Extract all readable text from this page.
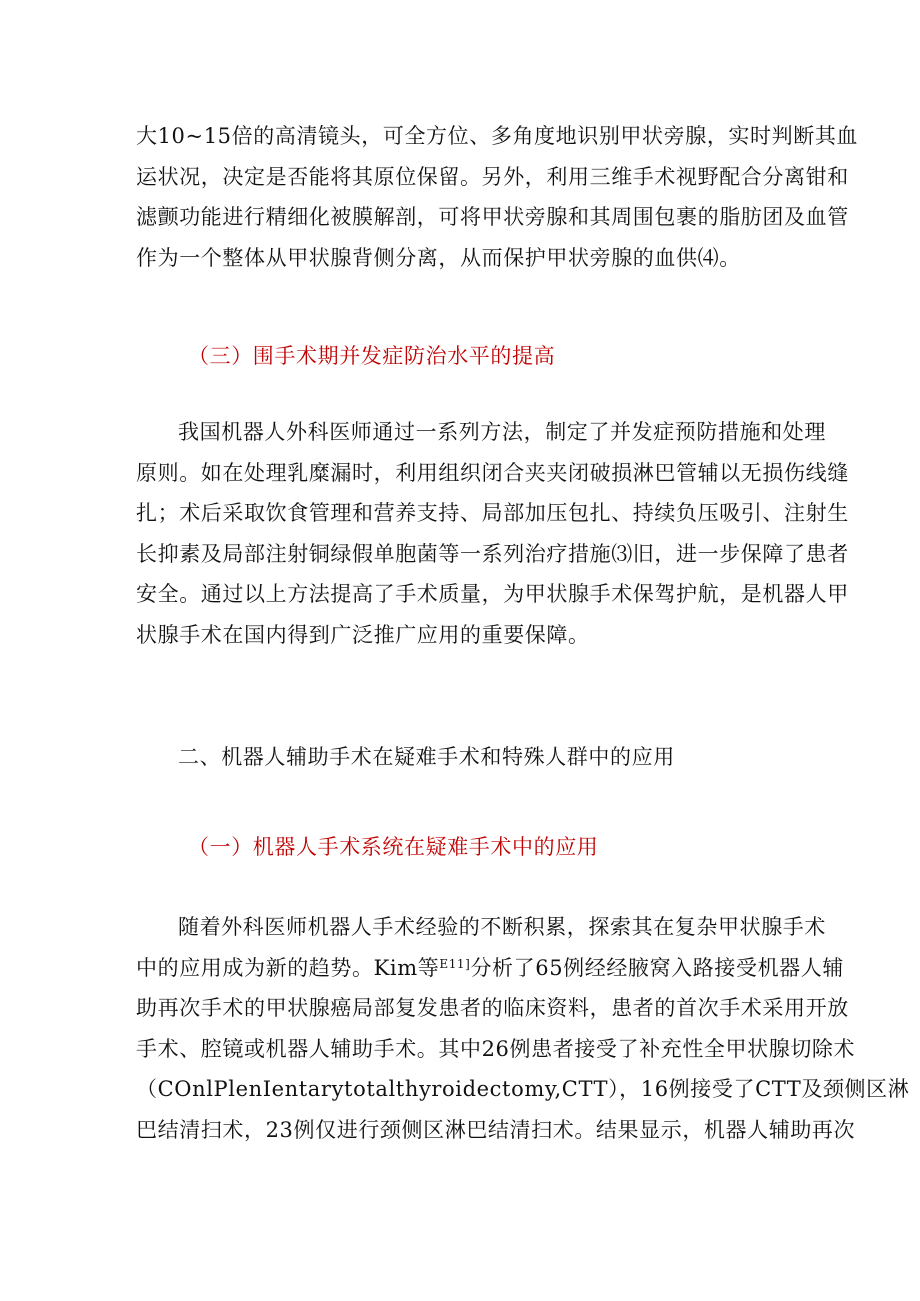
大10~15倍的高清镜头，可全方位、多角度地识别甲状旁腺，实时判断其血
运状况，决定是否能将其原位保留。另外，利用三维手术视野配合分离钳和
滤颤功能进行精细化被膜解剖，可将甲状旁腺和其周围包裹的脂肪团及血管
作为一个整体从甲状腺背侧分离，从而保护甲状旁腺的血供⑷。
（三）围手术期并发症防治水平的提高
我国机器人外科医师通过一系列方法，制定了并发症预防措施和处理
原则。如在处理乳糜漏时，利用组织闭合夹夹闭破损淋巴管辅以无损伤线缝
扎；术后采取饮食管理和营养支持、局部加压包扎、持续负压吸引、注射生
长抑素及局部注射铜绿假单胞菌等一系列治疗措施⑶旧，进一步保障了患者
安全。通过以上方法提高了手术质量，为甲状腺手术保驾护航，是机器人甲
状腺手术在国内得到广泛推广应用的重要保障。
二、机器人辅助手术在疑难手术和特殊人群中的应用
（一）机器人手术系统在疑难手术中的应用
随着外科医师机器人手术经验的不断积累，探索其在复杂甲状腺手术
中的应用成为新的趋势。Kim等$^{E11]}$分析了65例经经腋窝入路接受机器人辅
助再次手术的甲状腺癌局部复发患者的临床资料，患者的首次手术采用开放
手术、腔镜或机器人辅助手术。其中26例患者接受了补充性全甲状腺切除术
（COnlPlenIentarytotalthyroidectomy,CTT），16例接受了CTT及颈侧区淋
巴结清扫术，23例仅进行颈侧区淋巴结清扫术。结果显示，机器人辅助再次
